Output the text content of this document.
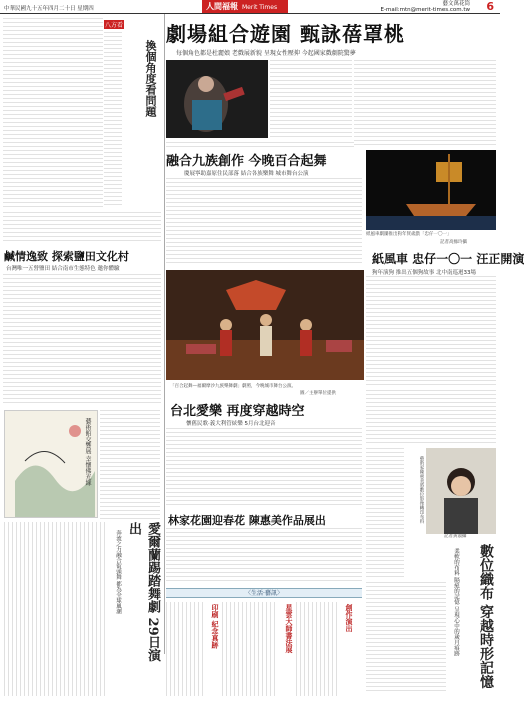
中華民國九十五年四月二十日 星期四	人間福報 Merit Times	藝文萬花筒
E-mail:mtn@merit-times.com.tw 6
八方看
換個角度看問題
劇場組合遊園 甄詠蓓罩桃
每個角色都是杜麗娘 老戲展新貌 呈現女性壓抑 今起國家戲劇院驚夢
融合九族創作 今晚百合起舞
慶展寧助嘉原住民部落 結合各族樂舞 城市舞台公演
紙風車劇團推出狗年賀歲戲「忠仔一〇一」
記者高綠玲攝
紙風車 忠仔一〇一 汪正開演
狗年演狗 推出五個狗故事 北中南巡迴33場
鹹情逸致 探索鹽田文化村
台灣唯一五營鹽田 結合南市生態特色 邀你體驗
「百合起舞—福爾摩沙九族樂舞劇」劇照，今晚城市舞台公演。
圖／主辦單位提供
台北愛樂 再度穿越時空
懷舊民歌·義大利管絃樂 5月台北迎音
藝術家陳惠美將數位影像轉印布料
記者黃淑攝
數位織布 穿越時形記憶
柔軟的布料 隔絕的記憶 呈現心中的歲月痕跡
藝術館交響展 幸懷佛光緣
林家花園迎春花 陳惠美作品展出
〈生活·藝訊〉
印刷 紀念真跡	星雲大師書法展	創作演出
愛爾蘭踢踏舞劇 29日演出
奔流之力融合街頭舞 都為全球風潮
